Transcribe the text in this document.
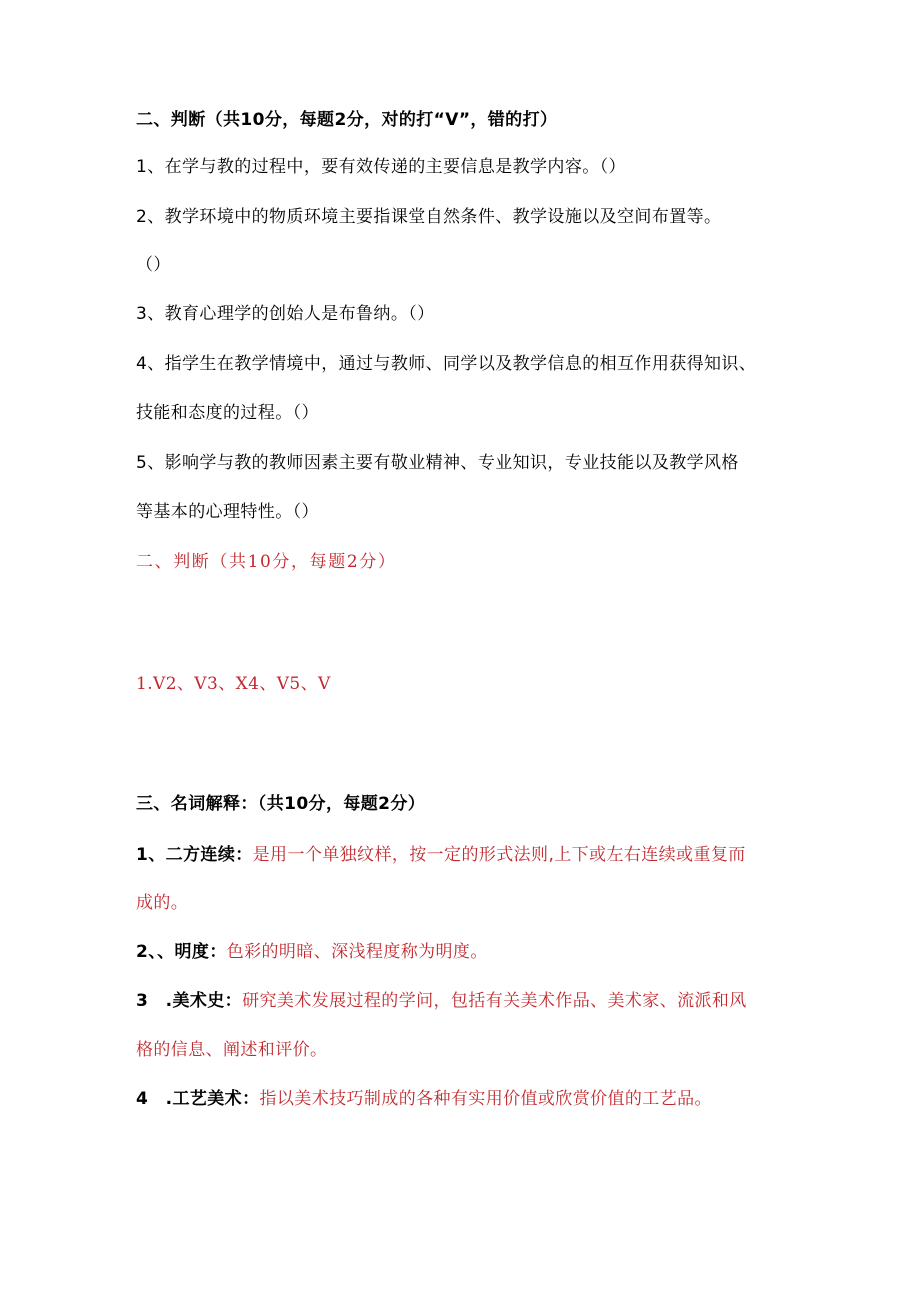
二、判断（共10分，每题2分，对的打“V”，错的打）
1、在学与教的过程中，要有效传递的主要信息是教学内容。（）
2、教学环境中的物质环境主要指课堂自然条件、教学设施以及空间布置等。
（）
3、教育心理学的创始人是布鲁纳。（）
4、指学生在教学情境中，通过与教师、同学以及教学信息的相互作用获得知识、
技能和态度的过程。（）
5、影响学与教的教师因素主要有敬业精神、专业知识，专业技能以及教学风格
等基本的心理特性。（）
二、判断（共10分，每题2分）
1.V2、V3、X4、V5、V
三、名词解释：（共10分，每题2分）
1、二方连续：是用一个单独纹样，按一定的形式法则,上下或左右连续或重复而
成的。
2、、明度：色彩的明暗、深浅程度称为明度。
3　.美术史：研究美术发展过程的学问，包括有关美术作品、美术家、流派和风
格的信息、阐述和评价。
4　.工艺美术：指以美术技巧制成的各种有实用价值或欣赏价值的工艺品。
